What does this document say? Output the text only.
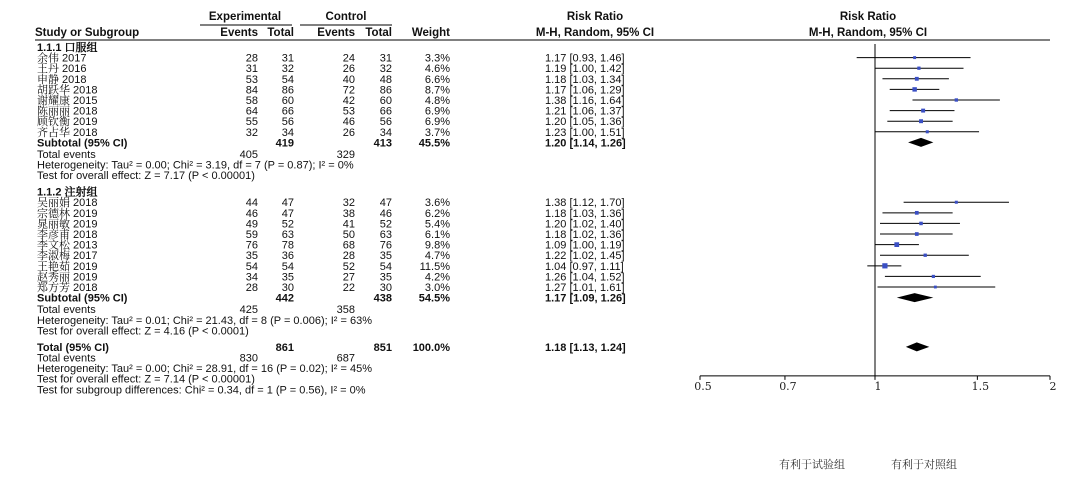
Experimental	Control	Risk Ratio	Risk Ratio
Study or Subgroup	Events Total Events Total Weight	M-H, Random, 95% CI	M-H, Random, 95% CI
1.1.1 口服组
余伟 2017	28 31	24 31	3.3%	1.17 [0.93, 1.46]
王丹 2016	31 32	26 32	4.6%	1.19 [1.00, 1.42]
申静 2018	53 54	40 48	6.6%	1.18 [1.03, 1.34]
胡跃华 2018	84 86	72 86	8.7%	1.17 [1.06, 1.29]
谢耀康 2015	58 60	42 60	4.8%	1.38 [1.16, 1.64]
陈丽丽 2018	64 66	53 66	6.9%	1.21 [1.06, 1.37]
顾钦衡 2019	55 56	46 56	6.9%	1.20 [1.05, 1.36]
齐占华 2018	32 34	26 34	3.7%	1.23 [1.00, 1.51]
Subtotal (95% CI)	419	413 45.5%	1.20 [1.14, 1.26]
Total events	405	329
Heterogeneity: Tau² = 0.00; Chi² = 3.19, df = 7 (P = 0.87); I² = 0%
Test for overall effect: Z = 7.17 (P < 0.00001)
1.1.2 注射组
吴丽娟 2018	44 47	32 47	3.6%	1.38 [1.12, 1.70]
宗德林 2019	46 47	38 46	6.2%	1.18 [1.03, 1.36]
晁丽敏 2019	49 52	41 52	5.4%	1.20 [1.02, 1.40]
李彦甫 2018	59 63	50 63	6.1%	1.18 [1.02, 1.36]
李文松 2013	76 78	68 76	9.8%	1.09 [1.00, 1.19]
李淑梅 2017	35 36	28 35	4.7%	1.22 [1.02, 1.45]
王艳茹 2019	54 54	52 54	11.5%	1.04 [0.97, 1.11]
赵秀丽 2019	34 35	27 35	4.2%	1.26 [1.04, 1.52]
郑方芳 2018	28 30	22 30	3.0%	1.27 [1.01, 1.61]
Subtotal (95% CI)	442	438 54.5%	1.17 [1.09, 1.26]
Total events	425	358
Heterogeneity: Tau² = 0.01; Chi² = 21.43, df = 8 (P = 0.006); I² = 63%
Test for overall effect: Z = 4.16 (P < 0.0001)
Total (95% CI)	861	851 100.0%	1.18 [1.13, 1.24]
Total events	830	687
Heterogeneity: Tau² = 0.00; Chi² = 28.91, df = 16 (P = 0.02); I² = 45%
Test for overall effect: Z = 7.14 (P < 0.00001)
Test for subgroup differences: Chi² = 0.34, df = 1 (P = 0.56), I² = 0%	0.5	0.7	1	1.5	2
有利于试验组	有利于对照组
